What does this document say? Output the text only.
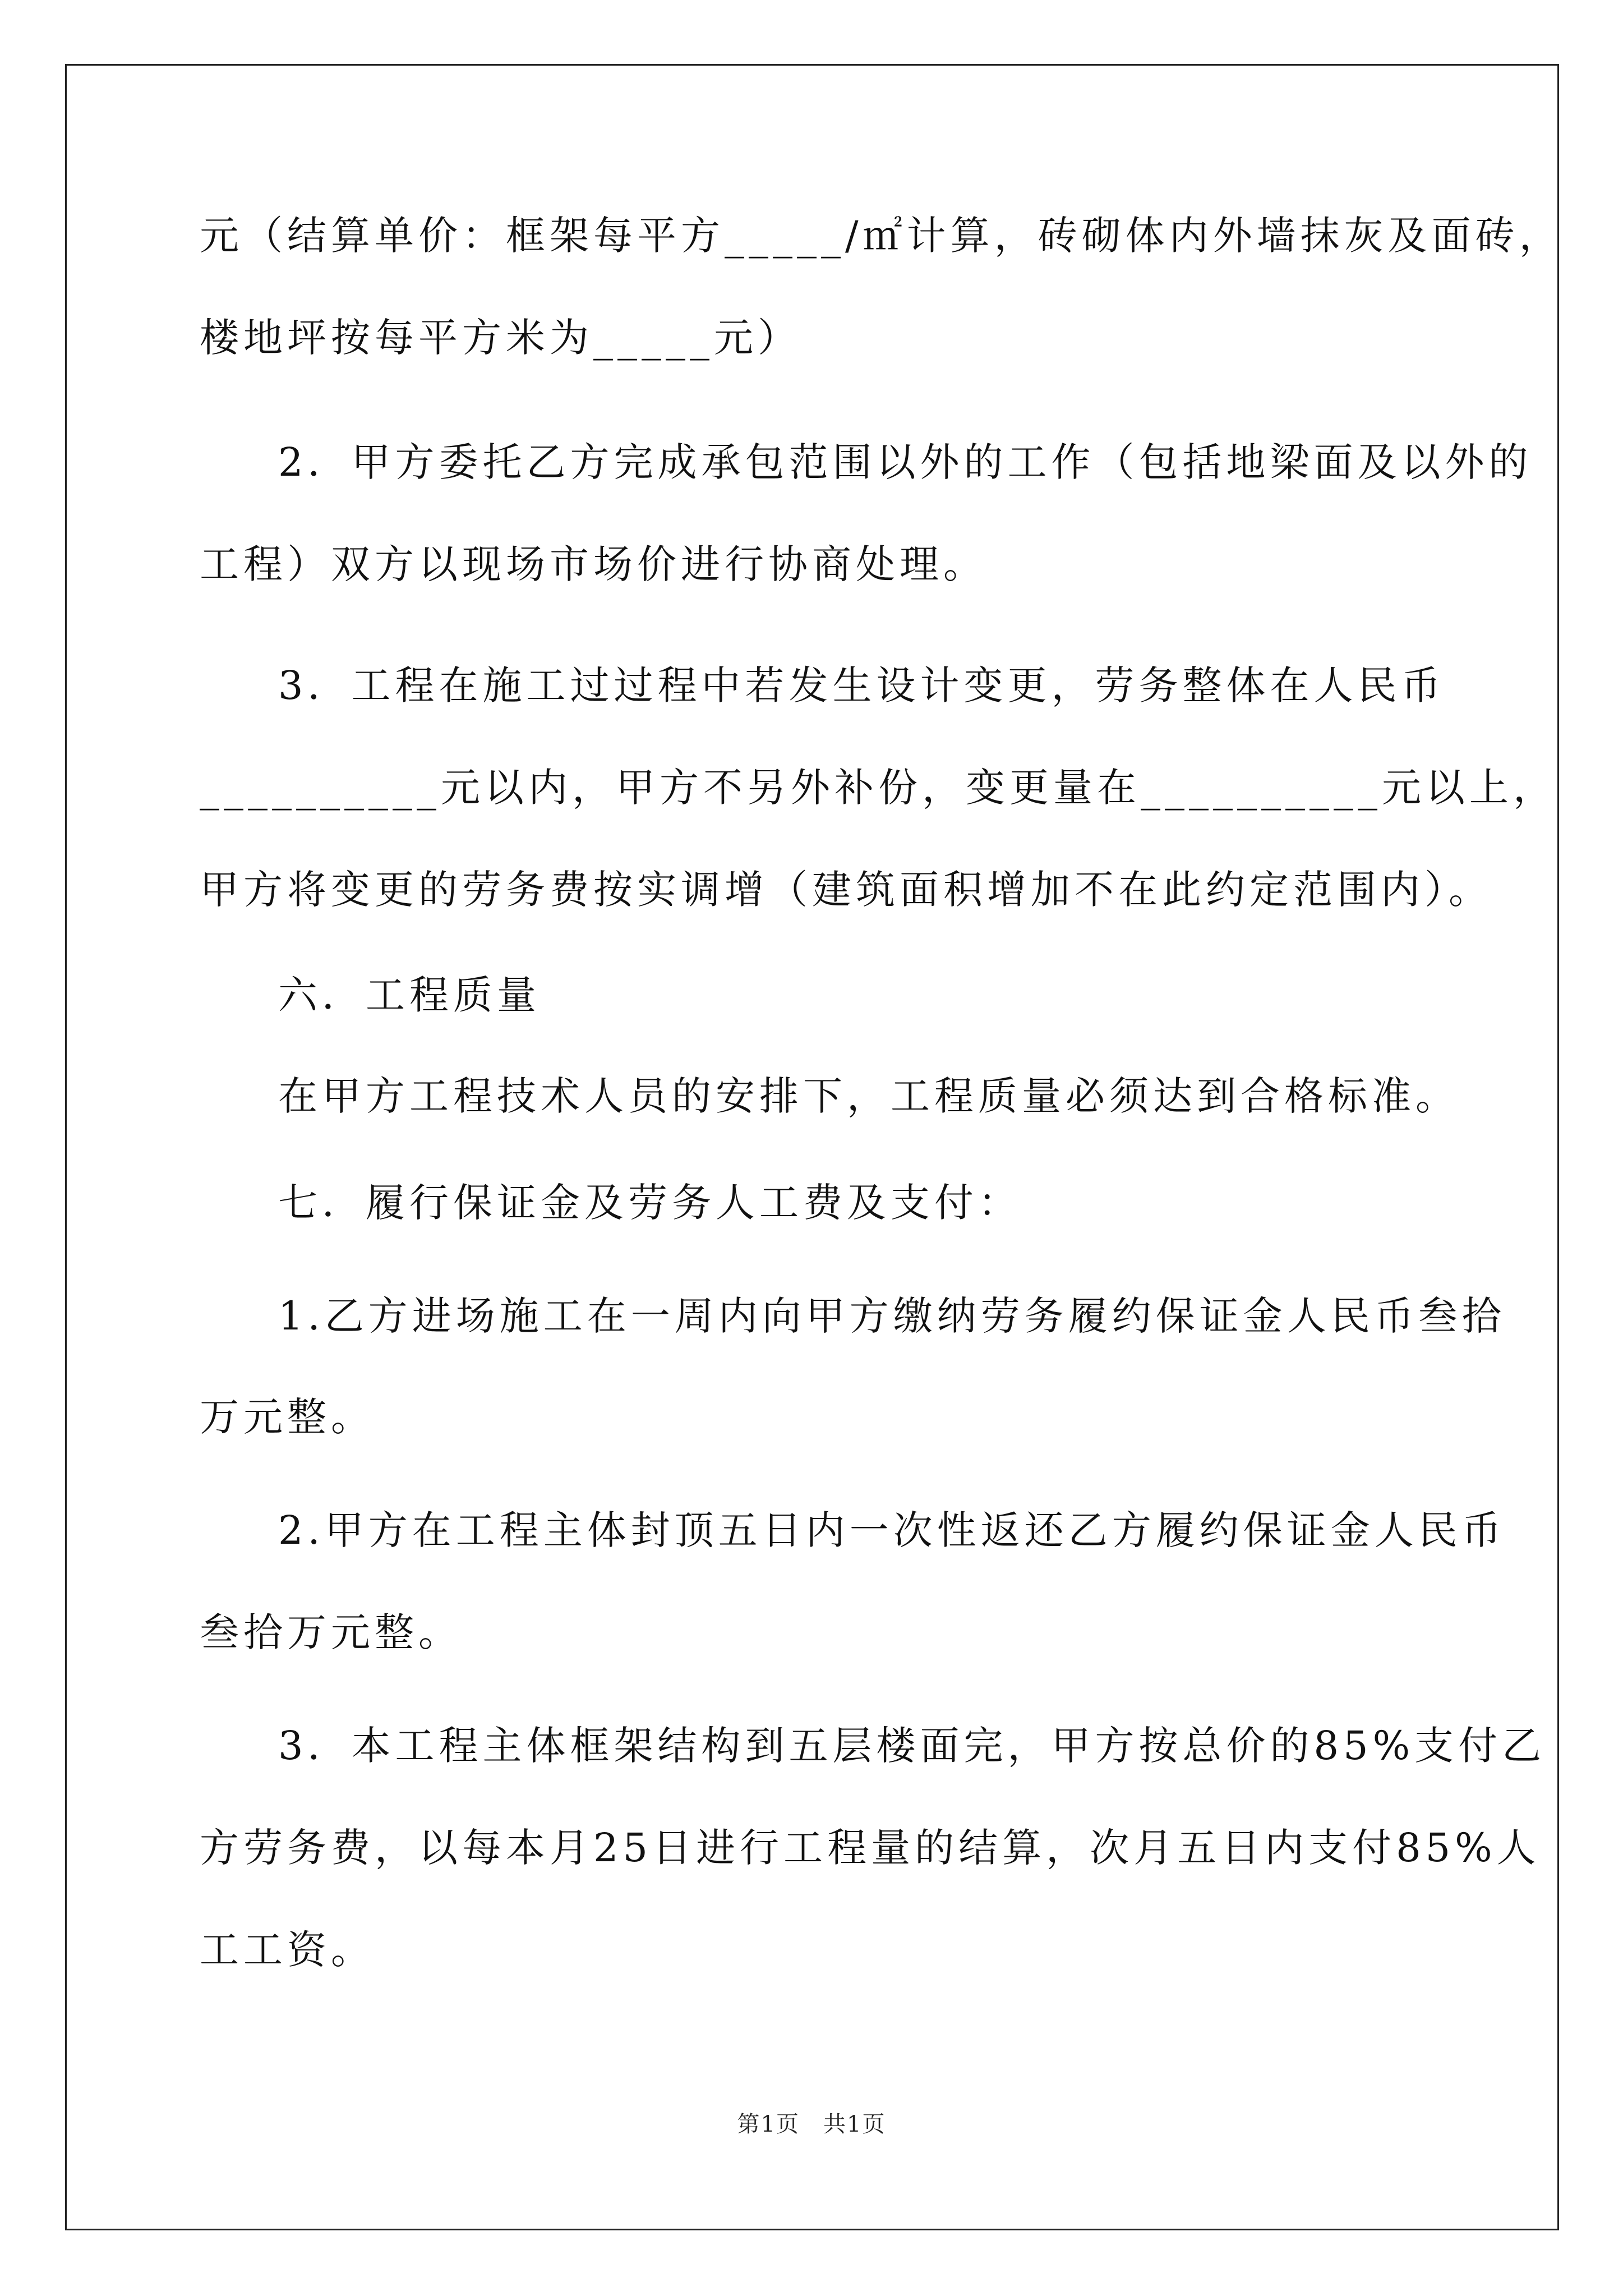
元（结算单价：框架每平方_____/㎡计算，砖砌体内外墙抹灰及面砖，
楼地坪按每平方米为_____元）
2．甲方委托乙方完成承包范围以外的工作（包括地梁面及以外的
工程）双方以现场市场价进行协商处理。
3．工程在施工过过程中若发生设计变更，劳务整体在人民币
__________元以内，甲方不另外补份，变更量在__________元以上，
甲方将变更的劳务费按实调增（建筑面积增加不在此约定范围内）。
六．工程质量
在甲方工程技术人员的安排下，工程质量必须达到合格标准。
七．履行保证金及劳务人工费及支付：
1.乙方进场施工在一周内向甲方缴纳劳务履约保证金人民币叁拾
万元整。
2.甲方在工程主体封顶五日内一次性返还乙方履约保证金人民币
叁拾万元整。
3．本工程主体框架结构到五层楼面完，甲方按总价的85%支付乙
方劳务费，以每本月25日进行工程量的结算，次月五日内支付85%人
工工资。
第1页　共1页
